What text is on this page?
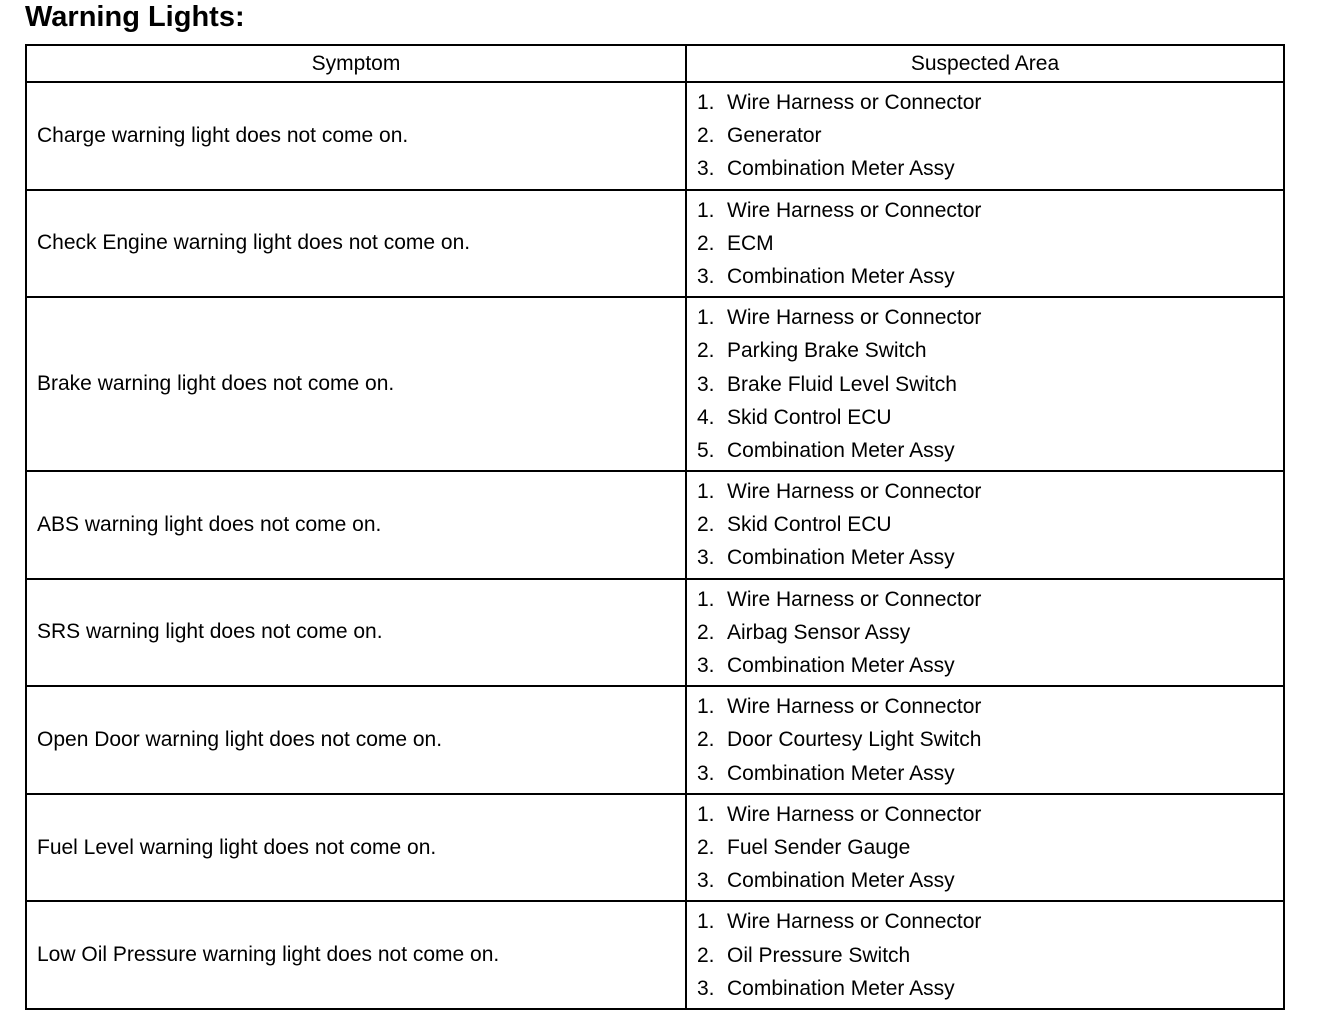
Warning Lights:
Symptom	Suspected Area
Charge warning light does not come on.	1. Wire Harness or Connector
2. Generator
3. Combination Meter Assy

Check Engine warning light does not come on.	1. Wire Harness or Connector
2. ECM
3. Combination Meter Assy

Brake warning light does not come on.	1. Wire Harness or Connector
2. Parking Brake Switch
3. Brake Fluid Level Switch
4. Skid Control ECU
5. Combination Meter Assy

ABS warning light does not come on.	1. Wire Harness or Connector
2. Skid Control ECU
3. Combination Meter Assy

SRS warning light does not come on.	1. Wire Harness or Connector
2. Airbag Sensor Assy
3. Combination Meter Assy

Open Door warning light does not come on.	1. Wire Harness or Connector
2. Door Courtesy Light Switch
3. Combination Meter Assy

Fuel Level warning light does not come on.	1. Wire Harness or Connector
2. Fuel Sender Gauge
3. Combination Meter Assy

Low Oil Pressure warning light does not come on.	1. Wire Harness or Connector
2. Oil Pressure Switch
3. Combination Meter Assy
